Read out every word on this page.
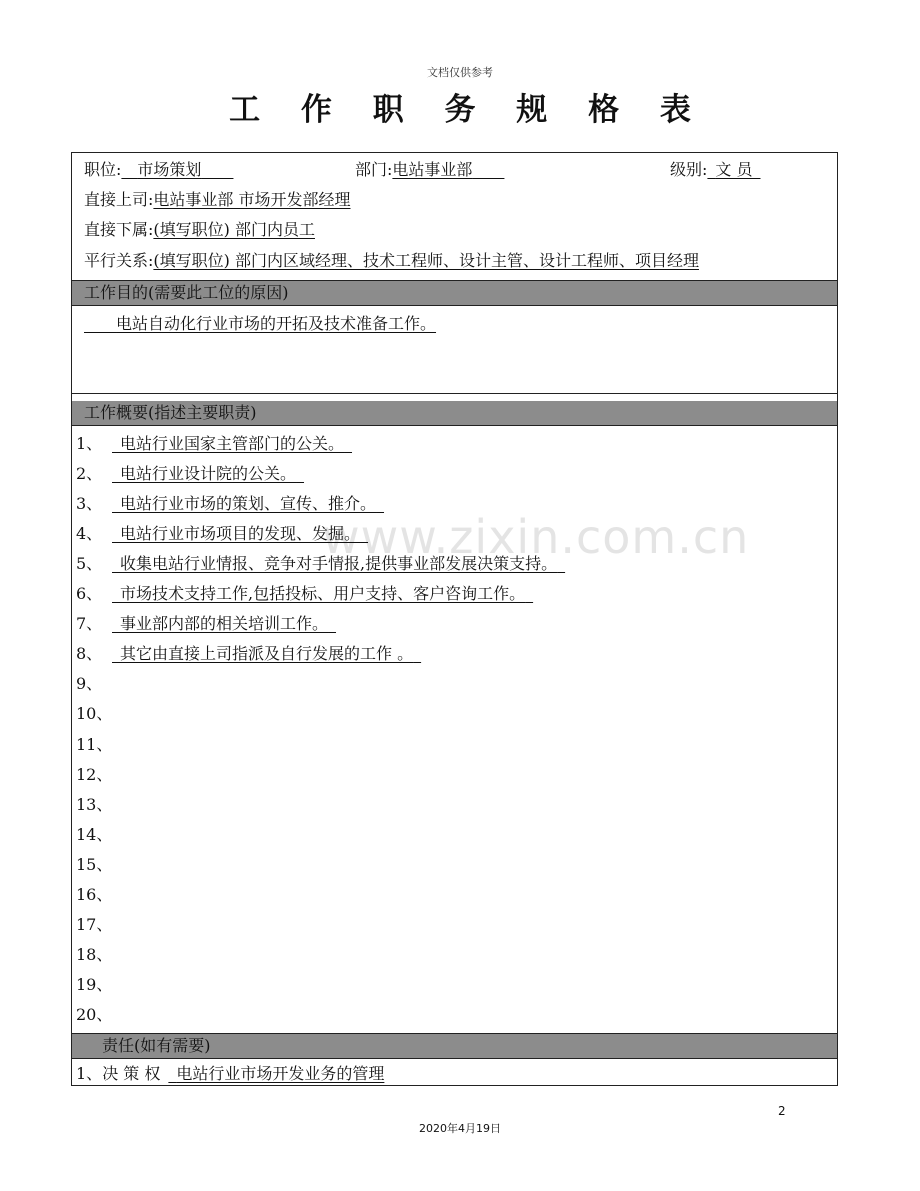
文档仅供参考
工 作 职 务 规 格 表
www.zixin.com.cn
职位:　 市场策划　　	部门:电站事业部　　	级别:  文 员 
直接上司:电站事业部 市场开发部经理
直接下属:(填写职位) 部门内员工
平行关系:(填写职位) 部门内区域经理、技术工程师、设计主管、设计工程师、项目经理
工作目的(需要此工位的原因)
　　电站自动化行业市场的开拓及技术准备工作。
工作概要(指述主要职责)
1、  电站行业国家主管部门的公关。 
2、  电站行业设计院的公关。 
3、  电站行业市场的策划、宣传、推介。 
4、  电站行业市场项目的发现、发掘。 
5、  收集电站行业情报、竞争对手情报,提供事业部发展决策支持。 
6、  市场技术支持工作,包括投标、用户支持、客户咨询工作。 
7、  事业部内部的相关培训工作。 
8、  其它由直接上司指派及自行发展的工作 。 
9、
10、
11、
12、
13、
14、
15、
16、
17、
18、
19、
20、
责任(如有需要)
1、决 策 权   电站行业市场开发业务的管理
2
2020年4月19日
